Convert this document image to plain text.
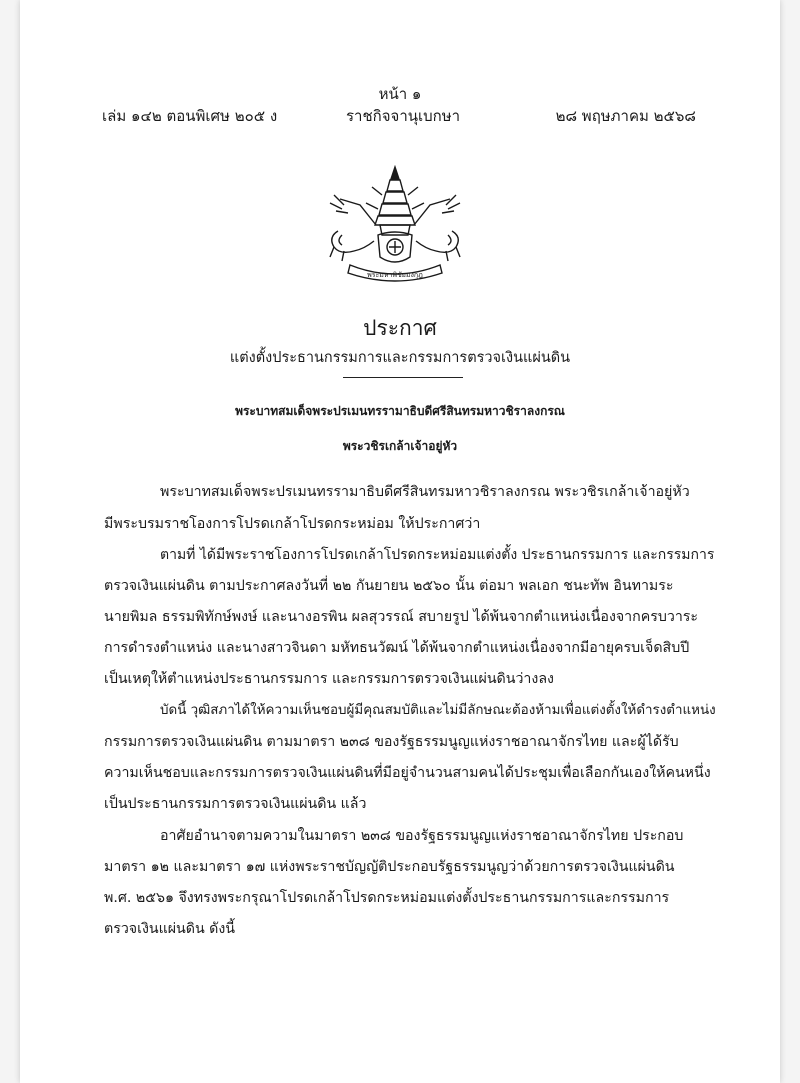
หน้า ๑
เล่ม ๑๔๒ ตอนพิเศษ ๒๐๕ ง	ราชกิจจานุเบกษา	๒๘ พฤษภาคม ๒๕๖๘
พระมหาพิชัยมงกุฎ
ประกาศ
แต่งตั้งประธานกรรมการและกรรมการตรวจเงินแผ่นดิน
พระบาทสมเด็จพระปรเมนทรรามาธิบดีศรีสินทรมหาวชิราลงกรณ
พระวชิรเกล้าเจ้าอยู่หัว
พระบาทสมเด็จพระปรเมนทรรามาธิบดีศรีสินทรมหาวชิราลงกรณ พระวชิรเกล้าเจ้าอยู่หัว
มีพระบรมราชโองการโปรดเกล้าโปรดกระหม่อม ให้ประกาศว่า
ตามที่ ได้มีพระราชโองการโปรดเกล้าโปรดกระหม่อมแต่งตั้ง ประธานกรรมการ และกรรมการ
ตรวจเงินแผ่นดิน ตามประกาศลงวันที่ ๒๒ กันยายน ๒๕๖๐ นั้น ต่อมา พลเอก ชนะทัพ อินทามระ
นายพิมล ธรรมพิทักษ์พงษ์ และนางอรพิน ผลสุวรรณ์ สบายรูป ได้พ้นจากตำแหน่งเนื่องจากครบวาระ
การดำรงตำแหน่ง และนางสาวจินดา มหัทธนวัฒน์ ได้พ้นจากตำแหน่งเนื่องจากมีอายุครบเจ็ดสิบปี
เป็นเหตุให้ตำแหน่งประธานกรรมการ และกรรมการตรวจเงินแผ่นดินว่างลง
บัดนี้ วุฒิสภาได้ให้ความเห็นชอบผู้มีคุณสมบัติและไม่มีลักษณะต้องห้ามเพื่อแต่งตั้งให้ดำรงตำแหน่ง
กรรมการตรวจเงินแผ่นดิน ตามมาตรา ๒๓๘ ของรัฐธรรมนูญแห่งราชอาณาจักรไทย และผู้ได้รับ
ความเห็นชอบและกรรมการตรวจเงินแผ่นดินที่มีอยู่จำนวนสามคนได้ประชุมเพื่อเลือกกันเองให้คนหนึ่ง
เป็นประธานกรรมการตรวจเงินแผ่นดิน แล้ว
อาศัยอำนาจตามความในมาตรา ๒๓๘ ของรัฐธรรมนูญแห่งราชอาณาจักรไทย ประกอบ
มาตรา ๑๒ และมาตรา ๑๗ แห่งพระราชบัญญัติประกอบรัฐธรรมนูญว่าด้วยการตรวจเงินแผ่นดิน
พ.ศ. ๒๕๖๑ จึงทรงพระกรุณาโปรดเกล้าโปรดกระหม่อมแต่งตั้งประธานกรรมการและกรรมการ
ตรวจเงินแผ่นดิน ดังนี้
